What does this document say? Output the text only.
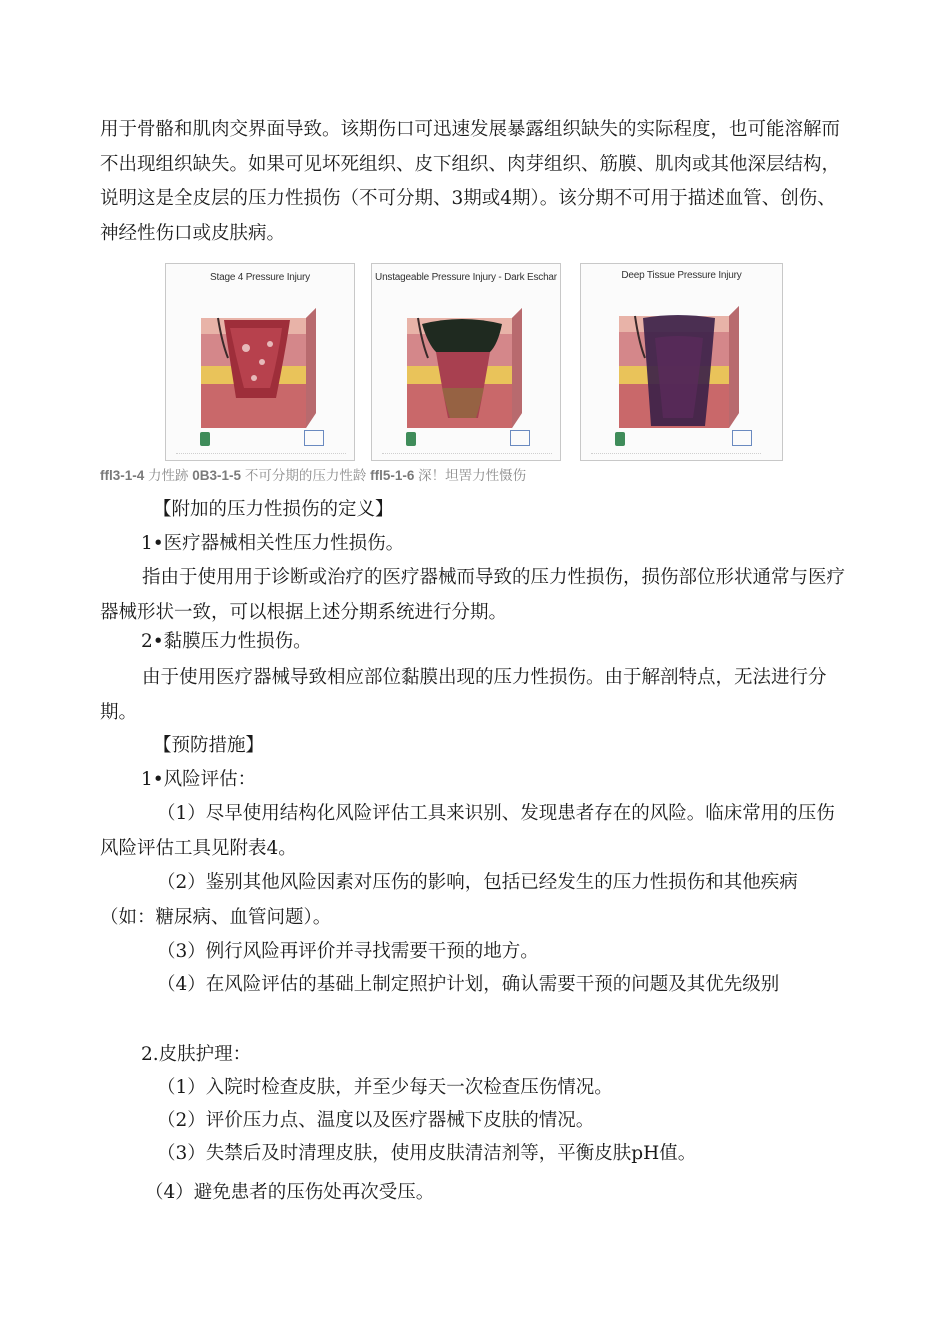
用于骨骼和肌肉交界面导致。该期伤口可迅速发展暴露组织缺失的实际程度，也可能溶解而不出现组织缺失。如果可见坏死组织、皮下组织、肉芽组织、筋膜、肌肉或其他深层结构，说明这是全皮层的压力性损伤（不可分期、3期或4期）。该分期不可用于描述血管、创伤、神经性伤口或皮肤病。

Stage 4 Pressure Injury	Unstageable Pressure Injury - Dark Eschar	Deep Tissue Pressure Injury
ffl3-1-4 力性跡 0B3-1-5 不可分期的压力性龄 ffl5-1-6 深！坦罟力性慑伤
【附加的压力性损伤的定义】
1•医疗器械相关性压力性损伤。

指由于使用用于诊断或治疗的医疗器械而导致的压力性损伤，损伤部位形状通常与医疗器械形状一致，可以根据上述分期系统进行分期。

2•黏膜压力性损伤。

由于使用医疗器械导致相应部位黏膜出现的压力性损伤。由于解剖特点，无法进行分期。

【预防措施】
1•风险评估：

（1）尽早使用结构化风险评估工具来识别、发现患者存在的风险。临床常用的压伤风险评估工具见附表4。

（2）鉴别其他风险因素对压伤的影响，包括已经发生的压力性损伤和其他疾病（如：糖尿病、血管问题）。

（3）例行风险再评价并寻找需要干预的地方。
（4）在风险评估的基础上制定照护计划，确认需要干预的问题及其优先级别
2.皮肤护理：
（1）入院时检查皮肤，并至少每天一次检查压伤情况。
（2）评价压力点、温度以及医疗器械下皮肤的情况。
（3）失禁后及时清理皮肤，使用皮肤清洁剂等，平衡皮肤pH值。
（4）避免患者的压伤处再次受压。
